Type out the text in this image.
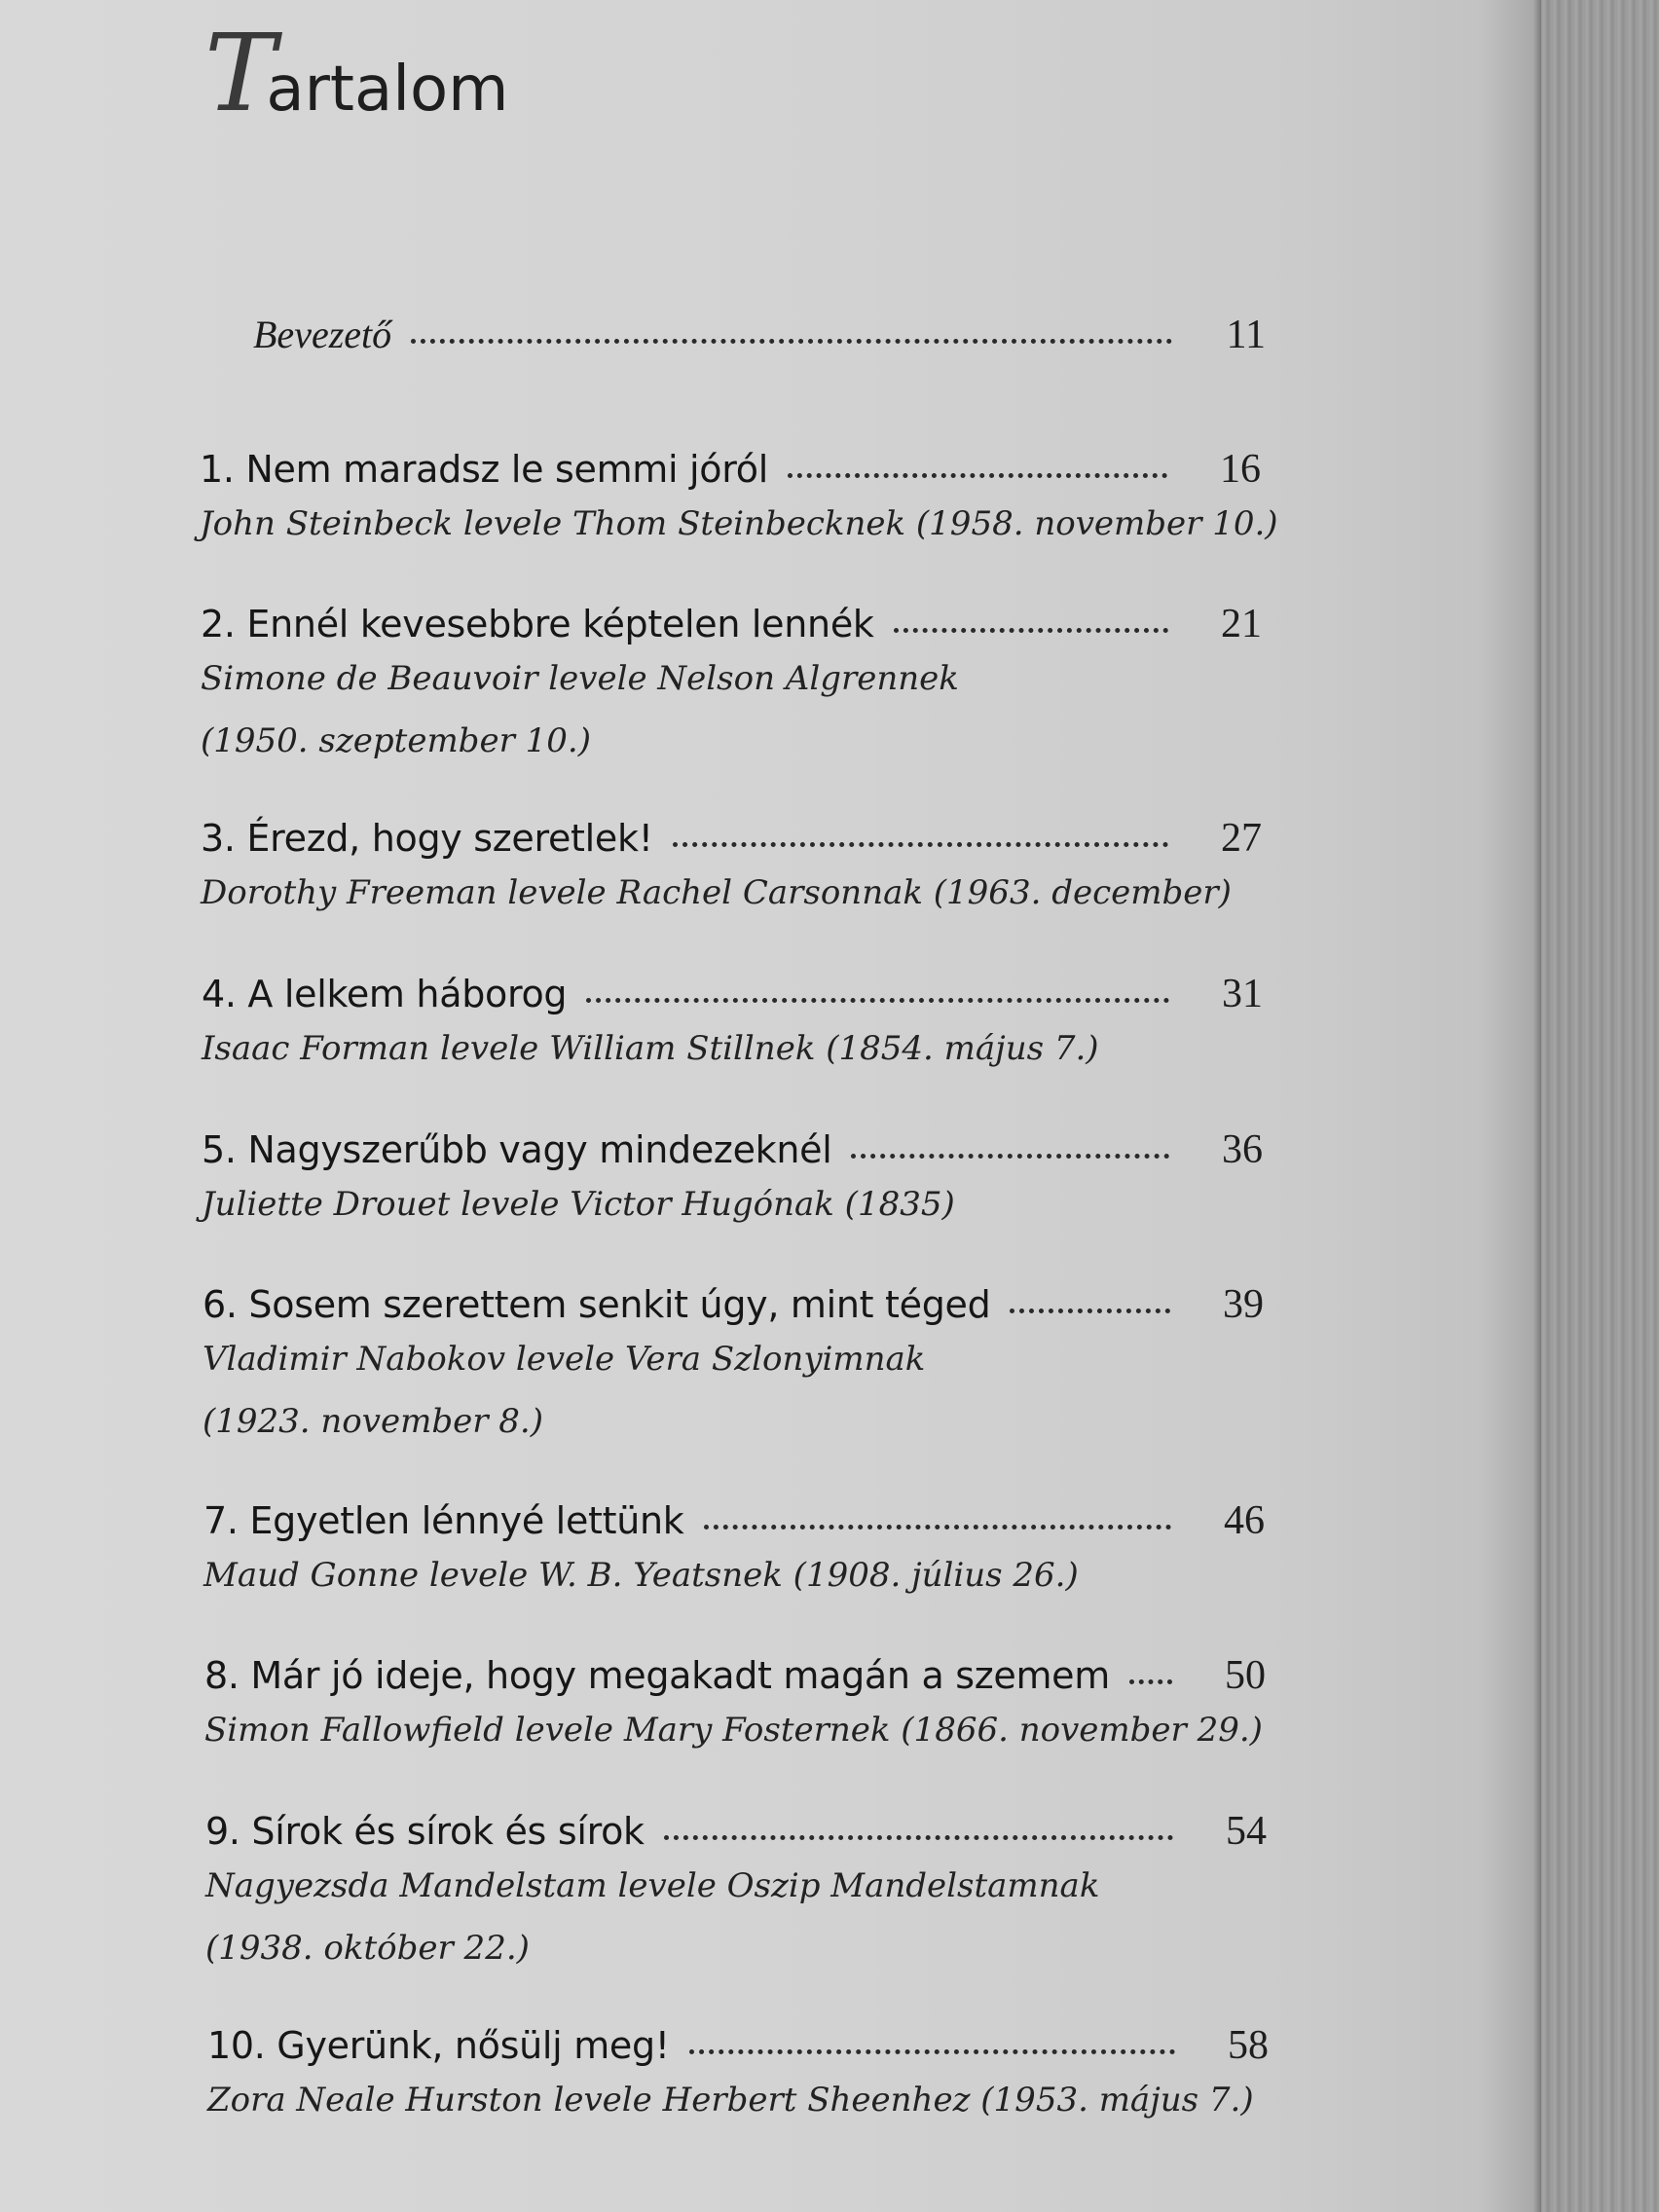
Tartalom
Bevezető	11
1. Nem maradsz le semmi jóról	16
John Steinbeck levele Thom Steinbecknek (1958. november 10.)
2. Ennél kevesebbre képtelen lennék	21
Simone de Beauvoir levele Nelson Algrennek
(1950. szeptember 10.)
3. Érezd, hogy szeretlek!	27
Dorothy Freeman levele Rachel Carsonnak (1963. december)
4. A lelkem háborog	31
Isaac Forman levele William Stillnek (1854. május 7.)
5. Nagyszerűbb vagy mindezeknél	36
Juliette Drouet levele Victor Hugónak (1835)
6. Sosem szerettem senkit úgy, mint téged	39
Vladimir Nabokov levele Vera Szlonyimnak
(1923. november 8.)
7. Egyetlen lénnyé lettünk	46
Maud Gonne levele W. B. Yeatsnek (1908. július 26.)
8. Már jó ideje, hogy megakadt magán a szemem	50
Simon Fallowfield levele Mary Fosternek (1866. november 29.)
9. Sírok és sírok és sírok	54
Nagyezsda Mandelstam levele Oszip Mandelstamnak
(1938. október 22.)
10. Gyerünk, nősülj meg!	58
Zora Neale Hurston levele Herbert Sheenhez (1953. május 7.)
